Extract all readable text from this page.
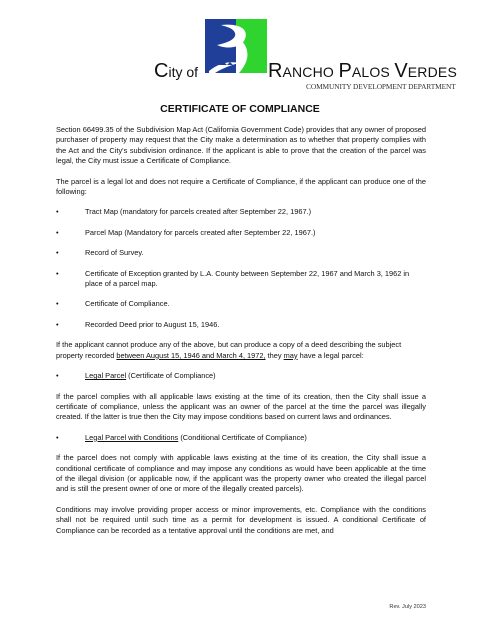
City of	RANCHO PALOS VERDES
COMMUNITY DEVELOPMENT DEPARTMENT
CERTIFICATE OF COMPLIANCE

Section 66499.35 of the Subdivision Map Act (California Government Code) provides that any owner of proposed purchaser of property may request that the City make a determination as to whether that property complies with the Act and the City's subdivision ordinance. If the applicant is able to prove that the creation of the parcel was legal, the City must issue a Certificate of Compliance.

The parcel is a legal lot and does not require a Certificate of Compliance, if the applicant can produce one of the following:

• Tract Map (mandatory for parcels created after September 22, 1967.)

• Parcel Map (Mandatory for parcels created after September 22, 1967.)

• Record of Survey.

• Certificate of Exception granted by L.A. County between September 22, 1967 and March 3, 1962 in place of a parcel map.

• Certificate of Compliance.

• Recorded Deed prior to August 15, 1946.

If the applicant cannot produce any of the above, but can produce a copy of a deed describing the subject property recorded between August 15, 1946 and March 4, 1972, they may have a legal parcel:

• Legal Parcel (Certificate of Compliance)

If the parcel complies with all applicable laws existing at the time of its creation, then the City shall issue a certificate of compliance, unless the applicant was an owner of the parcel at the time the parcel was illegally created. If the latter is true then the City may impose conditions based on current laws and ordinances.

• Legal Parcel with Conditions (Conditional Certificate of Compliance)

If the parcel does not comply with applicable laws existing at the time of its creation, the City shall issue a conditional certificate of compliance and may impose any conditions as would have been applicable at the time of the illegal division (or applicable now, if the applicant was the property owner who created the illegal parcel and is still the present owner of one or more of the illegally created parcels).

Conditions may involve providing proper access or minor improvements, etc. Compliance with the conditions shall not be required until such time as a permit for development is issued. A conditional Certificate of Compliance can be recorded as a tentative approval until the conditions are met, and

Rev. July 2023
